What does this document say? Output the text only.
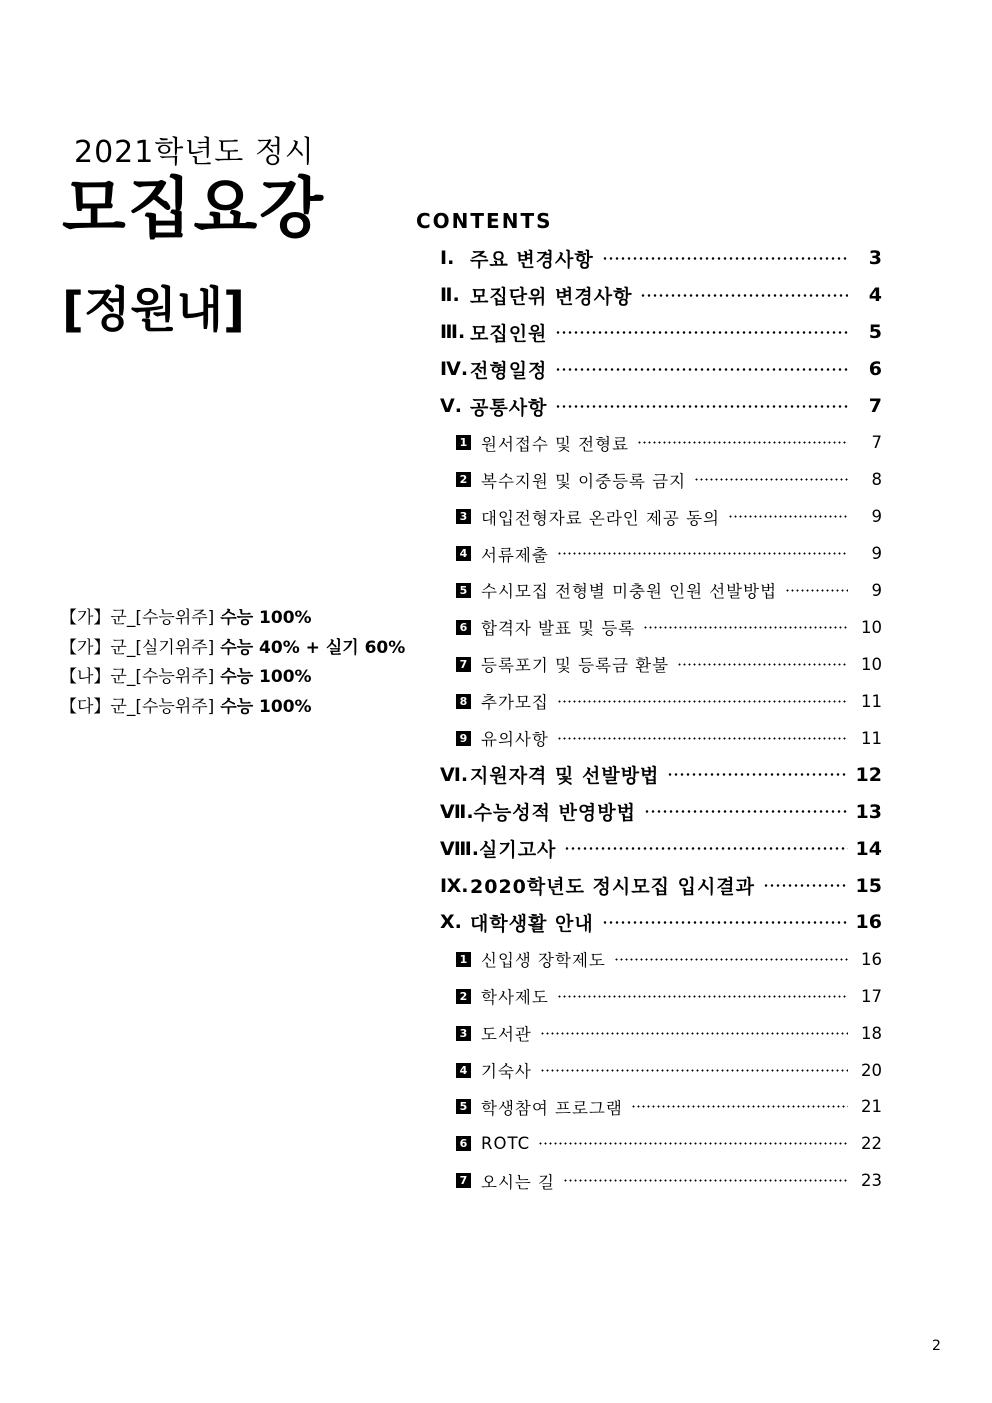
2021학년도 정시
모집요강
[정원내]
【가】군_[수능위주] 수능 100%
【가】군_[실기위주] 수능 40% + 실기 60%
【나】군_[수능위주] 수능 100%
【다】군_[수능위주] 수능 100%
CONTENTS
Ⅰ. 주요 변경사항	3
Ⅱ. 모집단위 변경사항	4
Ⅲ. 모집인원	5
Ⅳ. 전형일정	6
Ⅴ. 공통사항	7
1 원서접수 및 전형료	7
2 복수지원 및 이중등록 금지	8
3 대입전형자료 온라인 제공 동의	9
4 서류제출	9
5 수시모집 전형별 미충원 인원 선발방법	9
6 합격자 발표 및 등록	10
7 등록포기 및 등록금 환불	10
8 추가모집	11
9 유의사항	11
Ⅵ. 지원자격 및 선발방법	12
Ⅶ. 수능성적 반영방법	13
Ⅷ. 실기고사	14
Ⅸ. 2020학년도 정시모집 입시결과	15
Ⅹ. 대학생활 안내	16
1 신입생 장학제도	16
2 학사제도	17
3 도서관	18
4 기숙사	20
5 학생참여 프로그램	21
6 ROTC	22
7 오시는 길	23
2
